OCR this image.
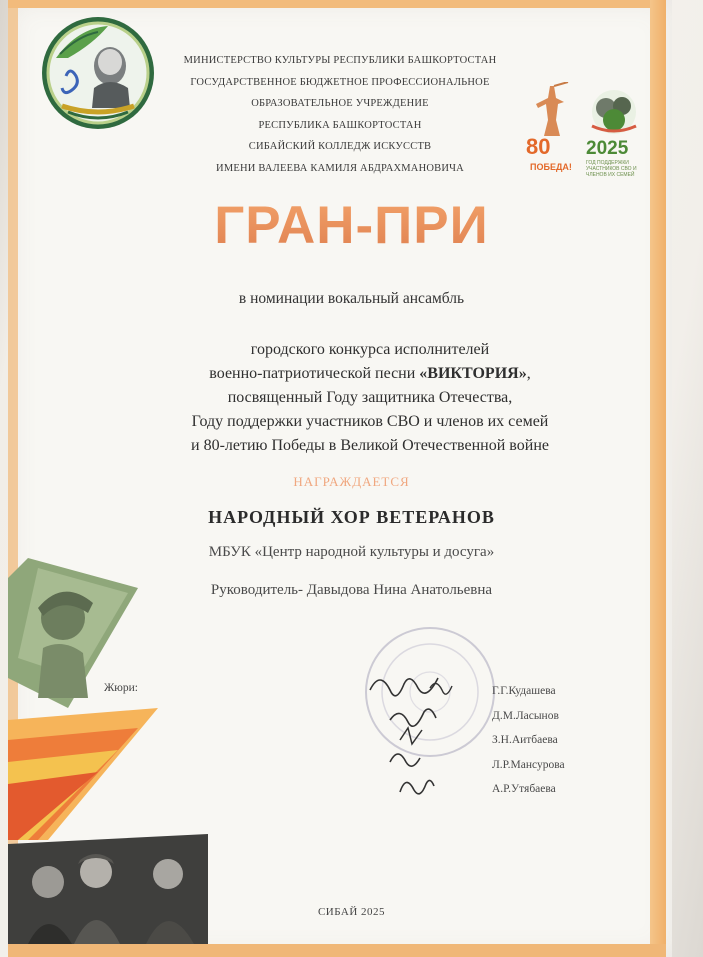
МИНИСТЕРСТВО КУЛЬТУРЫ РЕСПУБЛИКИ БАШКОРТОСТАН
ГОСУДАРСТВЕННОЕ БЮДЖЕТНОЕ ПРОФЕССИОНАЛЬНОЕ
ОБРАЗОВАТЕЛЬНОЕ УЧРЕЖДЕНИЕ
РЕСПУБЛИКА БАШКОРТОСТАН
СИБАЙСКИЙ КОЛЛЕДЖ ИСКУССТВ
ИМЕНИ ВАЛЕЕВА КАМИЛЯ АБДРАХМАНОВИЧА
80
ПОБЕДА!
2025
ГОД ПОДДЕРЖКИ УЧАСТНИКОВ СВО И ЧЛЕНОВ ИХ СЕМЕЙ
ГРАН-ПРИ
в номинации вокальный ансамбль
городского конкурса исполнителей
военно-патриотической песни «ВИКТОРИЯ»,
посвященный Году защитника Отечества,
Году поддержки участников СВО и членов их семей
и 80-летию Победы в Великой Отечественной войне
НАГРАЖДАЕТСЯ
НАРОДНЫЙ ХОР ВЕТЕРАНОВ
МБУК «Центр народной культуры и досуга»
Руководитель- Давыдова Нина Анатольевна
Жюри:	Г.Г.Кудашева
Д.М.Ласынов
З.Н.Аитбаева
Л.Р.Мансурова
А.Р.Утябаева
СИБАЙ 2025
